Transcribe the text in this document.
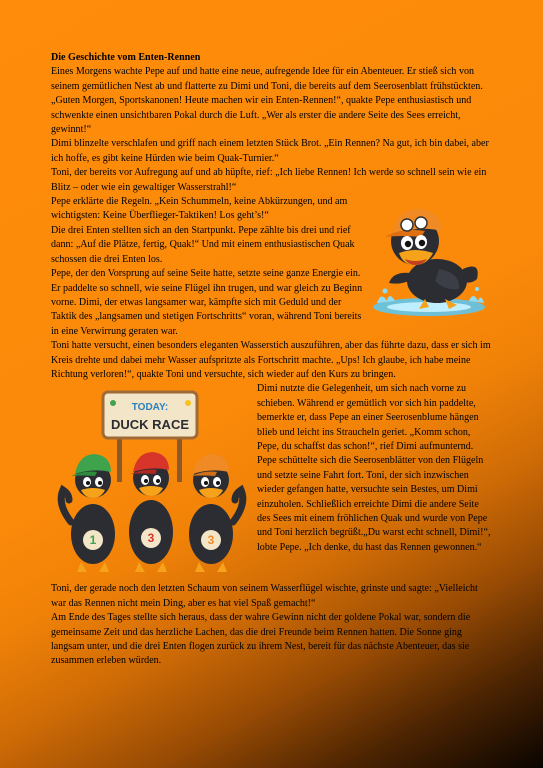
Die Geschichte vom Enten-Rennen

Eines Morgens wachte Pepe auf und hatte eine neue, aufregende Idee für ein Abenteuer. Er stieß sich von seinem gemütlichen Nest ab und flatterte zu Dimi und Toni, die bereits auf dem Seerosenblatt frühstückten.

„Guten Morgen, Sportskanonen! Heute machen wir ein Enten-Rennen!“, quakte Pepe enthusiastisch und schwenkte einen unsichtbaren Pokal durch die Luft. „Wer als erster die andere Seite des Sees erreicht, gewinnt!“

Dimi blinzelte verschlafen und griff nach einem letzten Stück Brot. „Ein Rennen? Na gut, ich bin dabei, aber ich hoffe, es gibt keine Hürden wie beim Quak-Turnier.“

Toni, der bereits vor Aufregung auf und ab hüpfte, rief: „Ich liebe Rennen! Ich werde so schnell sein wie ein Blitz – oder wie ein gewaltiger Wasserstrahl!“

Pepe erklärte die Regeln. „Kein Schummeln, keine Abkürzungen, und am wichtigsten: Keine Überflieger-Taktiken! Los geht’s!“

Die drei Enten stellten sich an den Startpunkt. Pepe zählte bis drei und rief dann: „Auf die Plätze, fertig, Quak!“ Und mit einem enthusiastischen Quak schossen die drei Enten los.

Pepe, der den Vorsprung auf seine Seite hatte, setzte seine ganze Energie ein. Er paddelte so schnell, wie seine Flügel ihn trugen, und war gleich zu Beginn vorne. Dimi, der etwas langsamer war, kämpfte sich mit Geduld und der Taktik des „langsamen und stetigen Fortschritts“ voran, während Toni bereits in eine Verwirrung geraten war.

Toni hatte versucht, einen besonders eleganten Wasserstich auszuführen, aber das führte dazu, dass er sich im Kreis drehte und dabei mehr Wasser aufspritzte als Fortschritt machte. „Ups! Ich glaube, ich habe meine Richtung verloren!“, quakte Toni und versuchte, sich wieder auf den Kurs zu bringen.

TODAY:
DUCK RACE
1	3	3

Dimi nutzte die Gelegenheit, um sich nach vorne zu schieben. Während er gemütlich vor sich hin paddelte, bemerkte er, dass Pepe an einer Seerosenblume hängen blieb und leicht ins Straucheln geriet. „Komm schon, Pepe, du schaffst das schon!“, rief Dimi aufmunternd.

Pepe schüttelte sich die Seerosenblätter von den Flügeln und setzte seine Fahrt fort. Toni, der sich inzwischen wieder gefangen hatte, versuchte sein Bestes, um Dimi einzuholen. Schließlich erreichte Dimi die andere Seite des Sees mit einem fröhlichen Quak und wurde von Pepe und Toni herzlich begrüßt.„Du warst echt schnell, Dimi!“, lobte Pepe. „Ich denke, du hast das Rennen gewonnen.“

Toni, der gerade noch den letzten Schaum von seinem Wasserflügel wischte, grinste und sagte: „Vielleicht war das Rennen nicht mein Ding, aber es hat viel Spaß gemacht!“

Am Ende des Tages stellte sich heraus, dass der wahre Gewinn nicht der goldene Pokal war, sondern die gemeinsame Zeit und das herzliche Lachen, das die drei Freunde beim Rennen hatten. Die Sonne ging langsam unter, und die drei Enten flogen zurück zu ihrem Nest, bereit für das nächste Abenteuer, das sie zusammen erleben würden.
